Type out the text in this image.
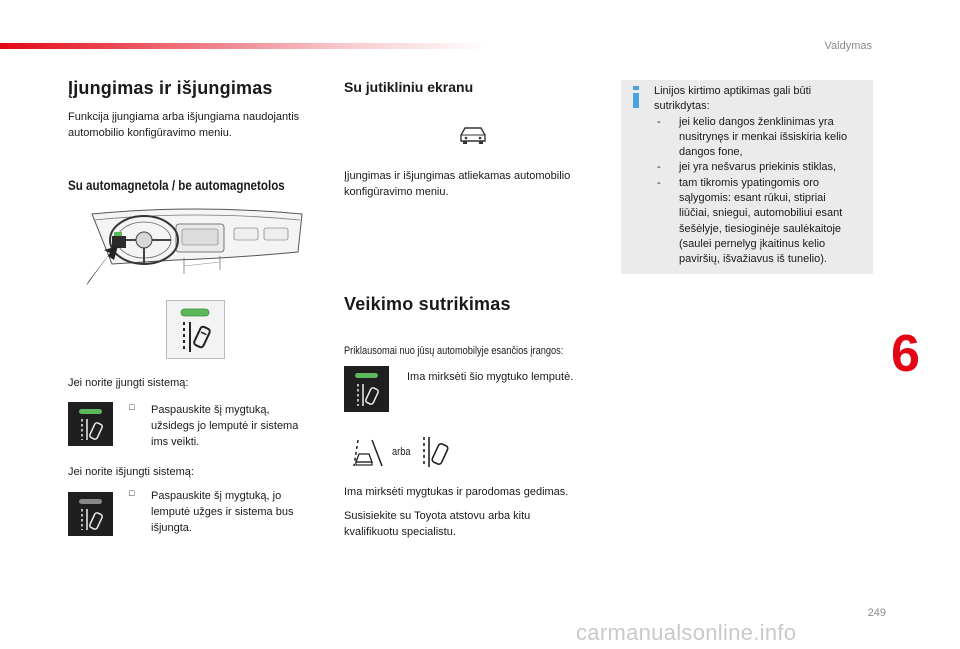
Valdymas
6
249
carmanualsonline.info
Įjungimas ir išjungimas

Funkcija įjungiama arba išjungiama naudojantis

automobilio konfigūravimo meniu.

Su automagnetola / be automagnetolos

Jei norite įjungti sistemą:

□	Paspauskite šį mygtuką,

užsidegs jo lemputė ir sistema

ims veikti.

Jei norite išjungti sistemą:

□	Paspauskite šį mygtuką, jo

lemputė užges ir sistema bus

išjungta.

Su jutikliniu ekranu

Įjungimas ir išjungimas atliekamas automobilio

konfigūravimo meniu.

Veikimo sutrikimas
Priklausomai nuo jūsų automobilyje esančios įrangos:

Ima mirksėti šio mygtuko lemputė.

arba

Ima mirksėti mygtukas ir parodomas gedimas.

Susisiekite su Toyota atstovu arba kitu

kvalifikuotu specialistu.

Linijos kirtimo aptikimas gali būti
sutrikdytas:
-	jei kelio dangos ženklinimas yra
nusitrynęs ir menkai išsiskiria kelio
dangos fone,
-	jei yra nešvarus priekinis stiklas,
-	tam tikromis ypatingomis oro
sąlygomis: esant rūkui, stipriai
liūčiai, sniegui, automobiliui esant
šešėlyje, tiesioginėje saulėkaitoje
(saulei pernelyg įkaitinus kelio
paviršių, išvažiavus iš tunelio).
